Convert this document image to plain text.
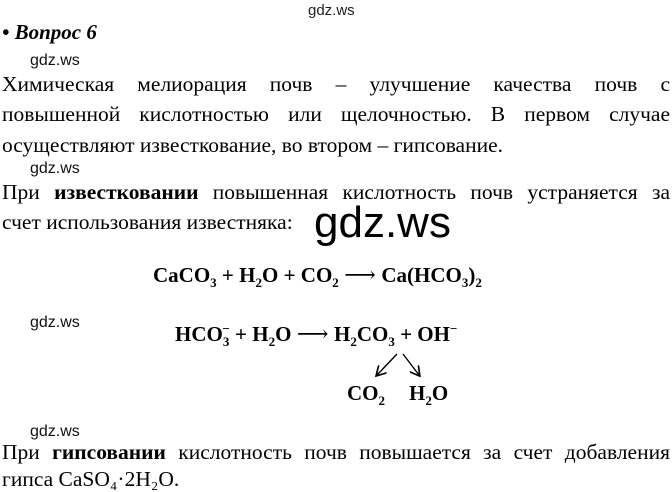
gdz.ws
gdz.ws
gdz.ws
gdz.ws
gdz.ws
• Вопрос 6
Химическая мелиорация почв – улучшение качества почв с
повышенной кислотностью или щелочностью. В первом случае
осуществляют известкование, во втором – гипсование.
При известковании повышенная кислотность почв устраняется за
счет использования известняка: gdz.ws
CaCO$_3$ + $H_2O + CO_2$ ⟶ $Ca(HCO_3)_2$
$HCO_3^- + H_2O$ ⟶ $H_2CO_3 + OH^-$
$CO_2$ $H_2O$
При гипсовании кислотность почв повышается за счет добавления
гипса CaSO₄·2H₂O.
